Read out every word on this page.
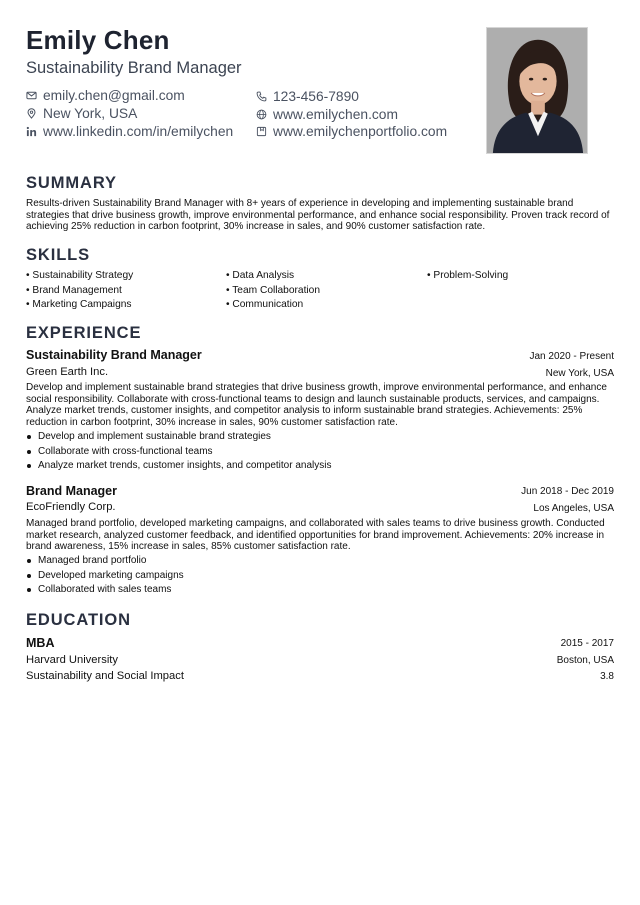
Emily Chen
Sustainability Brand Manager
emily.chen@gmail.com
New York, USA
www.linkedin.com/in/emilychen
123-456-7890
www.emilychen.com
www.emilychenportfolio.com
SUMMARY
Results-driven Sustainability Brand Manager with 8+ years of experience in developing and implementing sustainable brand strategies that drive business growth, improve environmental performance, and enhance social responsibility. Proven track record of achieving 25% reduction in carbon footprint, 30% increase in sales, and 90% customer satisfaction rate.
SKILLS
• Sustainability Strategy	• Data Analysis	• Problem-Solving
• Brand Management	• Team Collaboration
• Marketing Campaigns	• Communication
EXPERIENCE
Sustainability Brand Manager	Jan 2020 - Present
Green Earth Inc.	New York, USA
Develop and implement sustainable brand strategies that drive business growth, improve environmental performance, and enhance social responsibility. Collaborate with cross-functional teams to design and launch sustainable products, services, and campaigns. Analyze market trends, customer insights, and competitor analysis to inform sustainable brand strategies. Achievements: 25% reduction in carbon footprint, 30% increase in sales, 90% customer satisfaction rate.
Develop and implement sustainable brand strategies
Collaborate with cross-functional teams
Analyze market trends, customer insights, and competitor analysis
Brand Manager	Jun 2018 - Dec 2019
EcoFriendly Corp.	Los Angeles, USA
Managed brand portfolio, developed marketing campaigns, and collaborated with sales teams to drive business growth. Conducted market research, analyzed customer feedback, and identified opportunities for brand improvement. Achievements: 20% increase in brand awareness, 15% increase in sales, 85% customer satisfaction rate.
Managed brand portfolio
Developed marketing campaigns
Collaborated with sales teams
EDUCATION
MBA	2015 - 2017
Harvard University	Boston, USA
Sustainability and Social Impact	3.8
